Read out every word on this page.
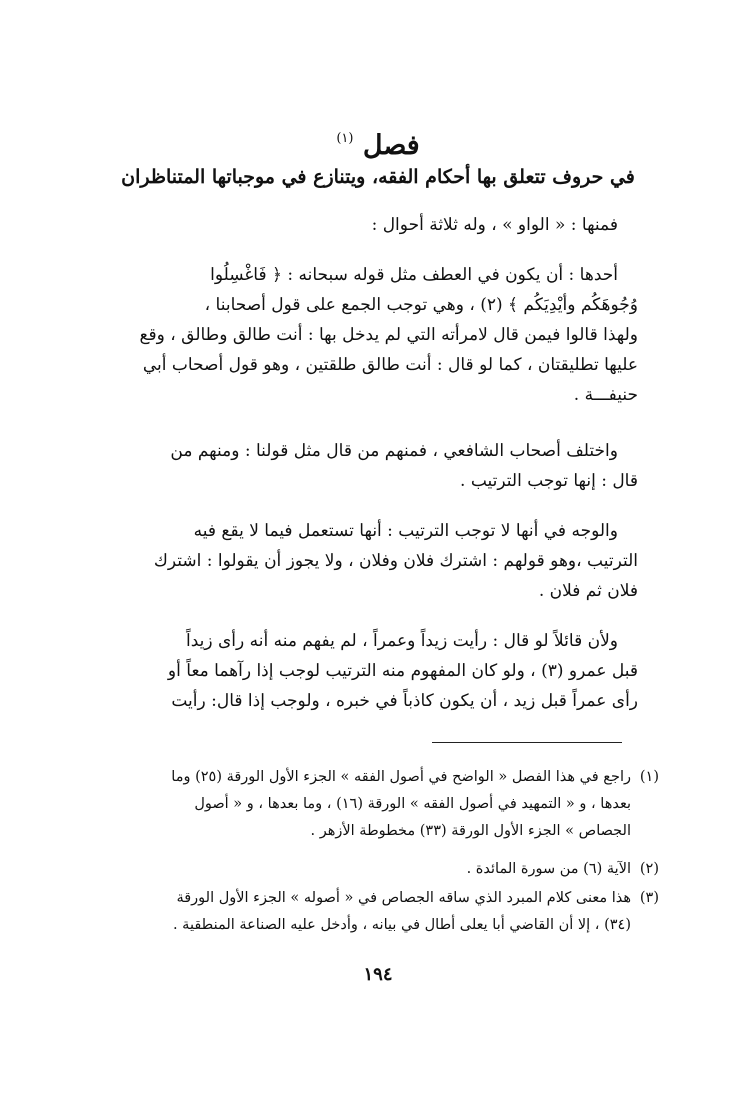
فصل $^{(١)}$
في حروف تتعلق بها أحكام الفقه، ويتنازع في موجباتها المتناظران
فمنها : « الواو » ، وله ثلاثة أحوال :
أحدها : أن يكون في العطف مثل قوله سبحانه : ﴿ فَاغْسِلُوا
وُجُوهَكُم وأيْدِيَكُم ﴾ (٢) ، وهي توجب الجمع على قول أصحابنا ،
ولهذا قالوا فيمن قال لامرأته التي لم يدخل بها : أنت طالق وطالق ، وقع
عليها تطليقتان ، كما لو قال : أنت طالق طلقتين ، وهو قول أصحاب أبي
حنيفـــة .
واختلف أصحاب الشافعي ، فمنهم من قال مثل قولنا : ومنهم من
قال : إنها توجب الترتيب .
والوجه في أنها لا توجب الترتيب : أنها تستعمل فيما لا يقع فيه
الترتيب ،وهو قولهم : اشترك فلان وفلان ، ولا يجوز أن يقولوا : اشترك
فلان ثم فلان .
ولأن قائلاً لو قال : رأيت زيداً وعمراً ، لم يفهم منه أنه رأى زيداً
قبل عمرو (٣) ، ولو كان المفهوم منه الترتيب لوجب إذا رآهما معاً أو
رأى عمراً قبل زيد ، أن يكون كاذباً في خبره ، ولوجب إذا قال: رأيت
(١)
راجع في هذا الفصل « الواضح في أصول الفقه » الجزء الأول الورقة (٢٥) وما
بعدها ، و « التمهيد في أصول الفقه » الورقة (١٦) ، وما بعدها ، و « أصول
الجصاص » الجزء الأول الورقة (٣٣) مخطوطة الأزهر .
(٢)
الآية (٦) من سورة المائدة .
(٣)
هذا معنى كلام المبرد الذي ساقه الجصاص في « أصوله » الجزء الأول الورقة
(٣٤) ، إلا أن القاضي أبا يعلى أطال في بيانه ، وأدخل عليه الصناعة المنطقية .
١٩٤
